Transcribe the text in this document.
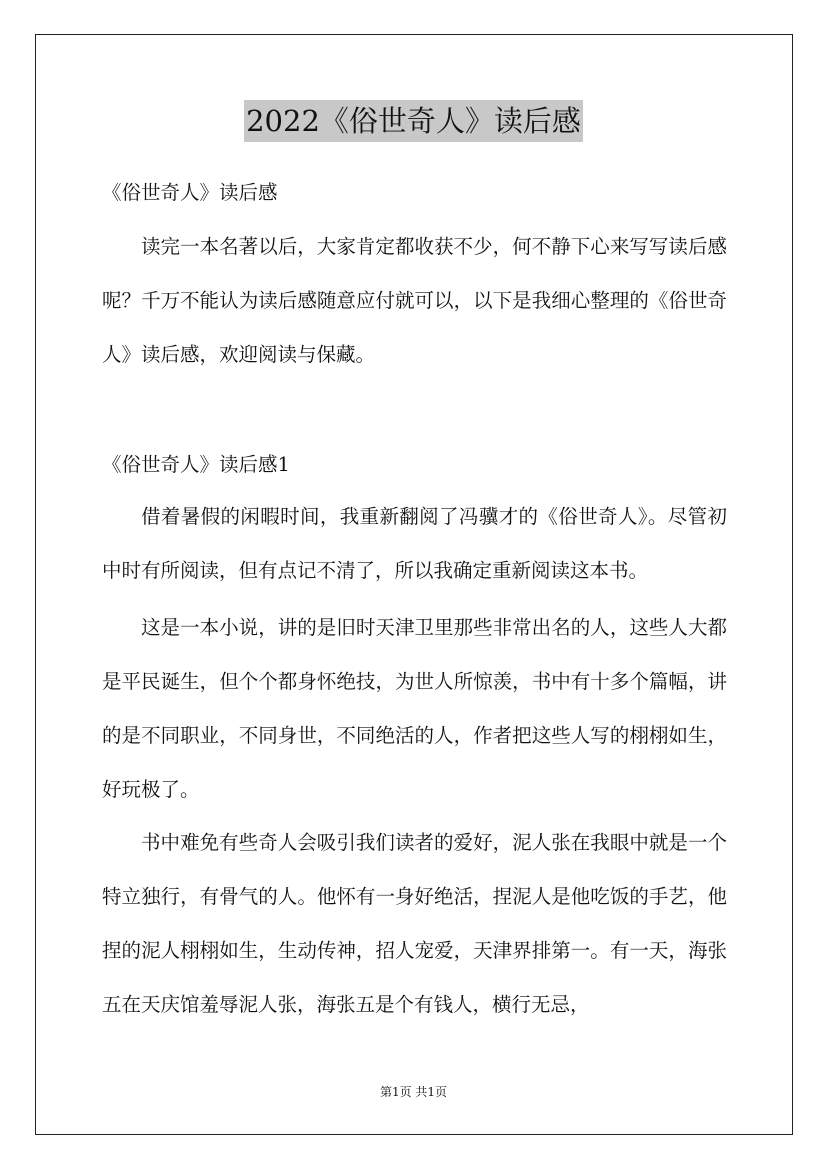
2022《俗世奇人》读后感

《俗世奇人》读后感

读完一本名著以后，大家肯定都收获不少，何不静下心来写写读后感呢？千万不能认为读后感随意应付就可以，以下是我细心整理的《俗世奇人》读后感，欢迎阅读与保藏。

《俗世奇人》读后感1

借着暑假的闲暇时间，我重新翻阅了冯骥才的《俗世奇人》。尽管初中时有所阅读，但有点记不清了，所以我确定重新阅读这本书。

这是一本小说，讲的是旧时天津卫里那些非常出名的人，这些人大都是平民诞生，但个个都身怀绝技，为世人所惊羡，书中有十多个篇幅，讲的是不同职业，不同身世，不同绝活的人，作者把这些人写的栩栩如生，好玩极了。

书中难免有些奇人会吸引我们读者的爱好，泥人张在我眼中就是一个特立独行，有骨气的人。他怀有一身好绝活，捏泥人是他吃饭的手艺，他捏的泥人栩栩如生，生动传神，招人宠爱，天津界排第一。有一天，海张五在天庆馆羞辱泥人张，海张五是个有钱人，横行无忌，

第1页 共1页
